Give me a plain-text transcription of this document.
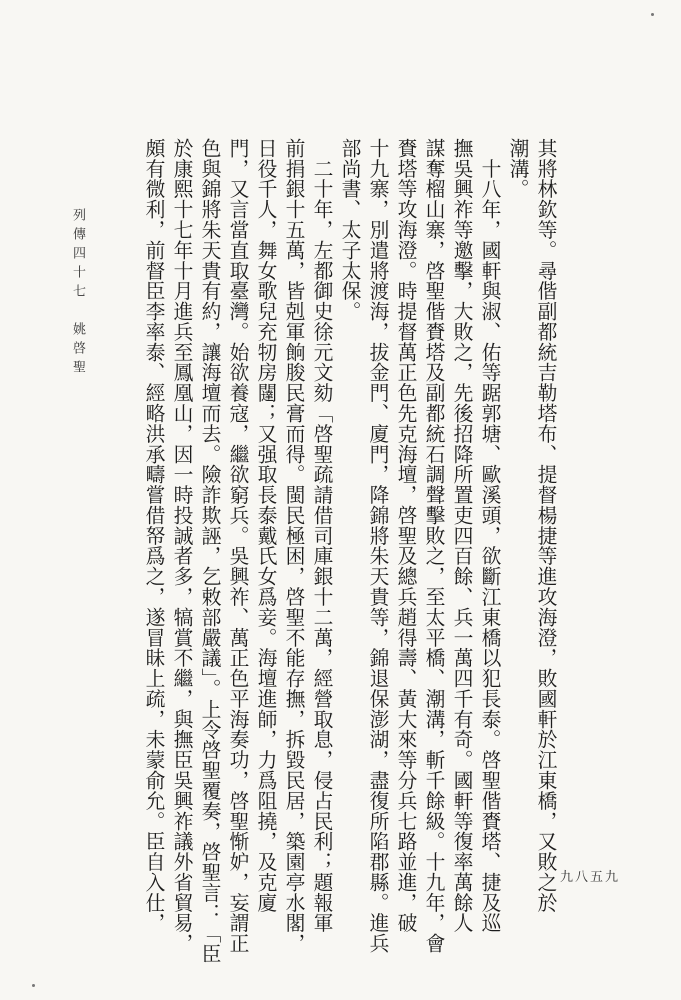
其將林欽等。尋偕副都統吉勒塔布、提督楊捷等進攻海澄，敗國軒於江東橋，又敗之於

潮溝。

　十八年，國軒與淑、佑等踞郭塘、歐溪頭，欲斷江東橋以犯長泰。啓聖偕賚塔、捷及巡

撫吳興祚等邀擊，大敗之，先後招降所置吏四百餘、兵一萬四千有奇。國軒等復率萬餘人

謀奪榴山寨，啓聖偕賚塔及副都統石調聲擊敗之，至太平橋、潮溝，斬千餘級。十九年，會

賚塔等攻海澄。時提督萬正色先克海壇，啓聖及總兵趙得壽、黃大來等分兵七路並進，破

十九寨，別遣將渡海，拔金門、廈門，降錦將朱天貴等，錦退保澎湖，盡復所陷郡縣。進兵

部尚書、太子太保。

　二十年，左都御史徐元文劾「啓聖疏請借司庫銀十二萬，經營取息，侵占民利；題報軍

前捐銀十五萬，皆剋軍餉朘民膏而得。閩民極困，啓聖不能存撫，拆毀民居，築園亭水閣，

日役千人，舞女歌兒充牣房闥；又强取長泰戴氏女爲妾。海壇進師，力爲阻撓，及克廈

門，又言當直取臺灣。始欲養寇，繼欲窮兵。吳興祚、萬正色平海奏功，啓聖惭妒，妄謂正

色與錦將朱天貴有約，讓海壇而去。險詐欺誣，乞敕部嚴議」。上令啓聖覆奏，啓聖言：「臣

於康熙十七年十月進兵至鳳凰山，因一時投誠者多，犒賞不繼，與撫臣吳興祚議外省貿易，

頗有微利，前督臣李率泰、經略洪承疇嘗借帑爲之，遂冒昧上疏，未蒙俞允。臣自入仕，

列傳四十七
姚啓聖
九八五九
